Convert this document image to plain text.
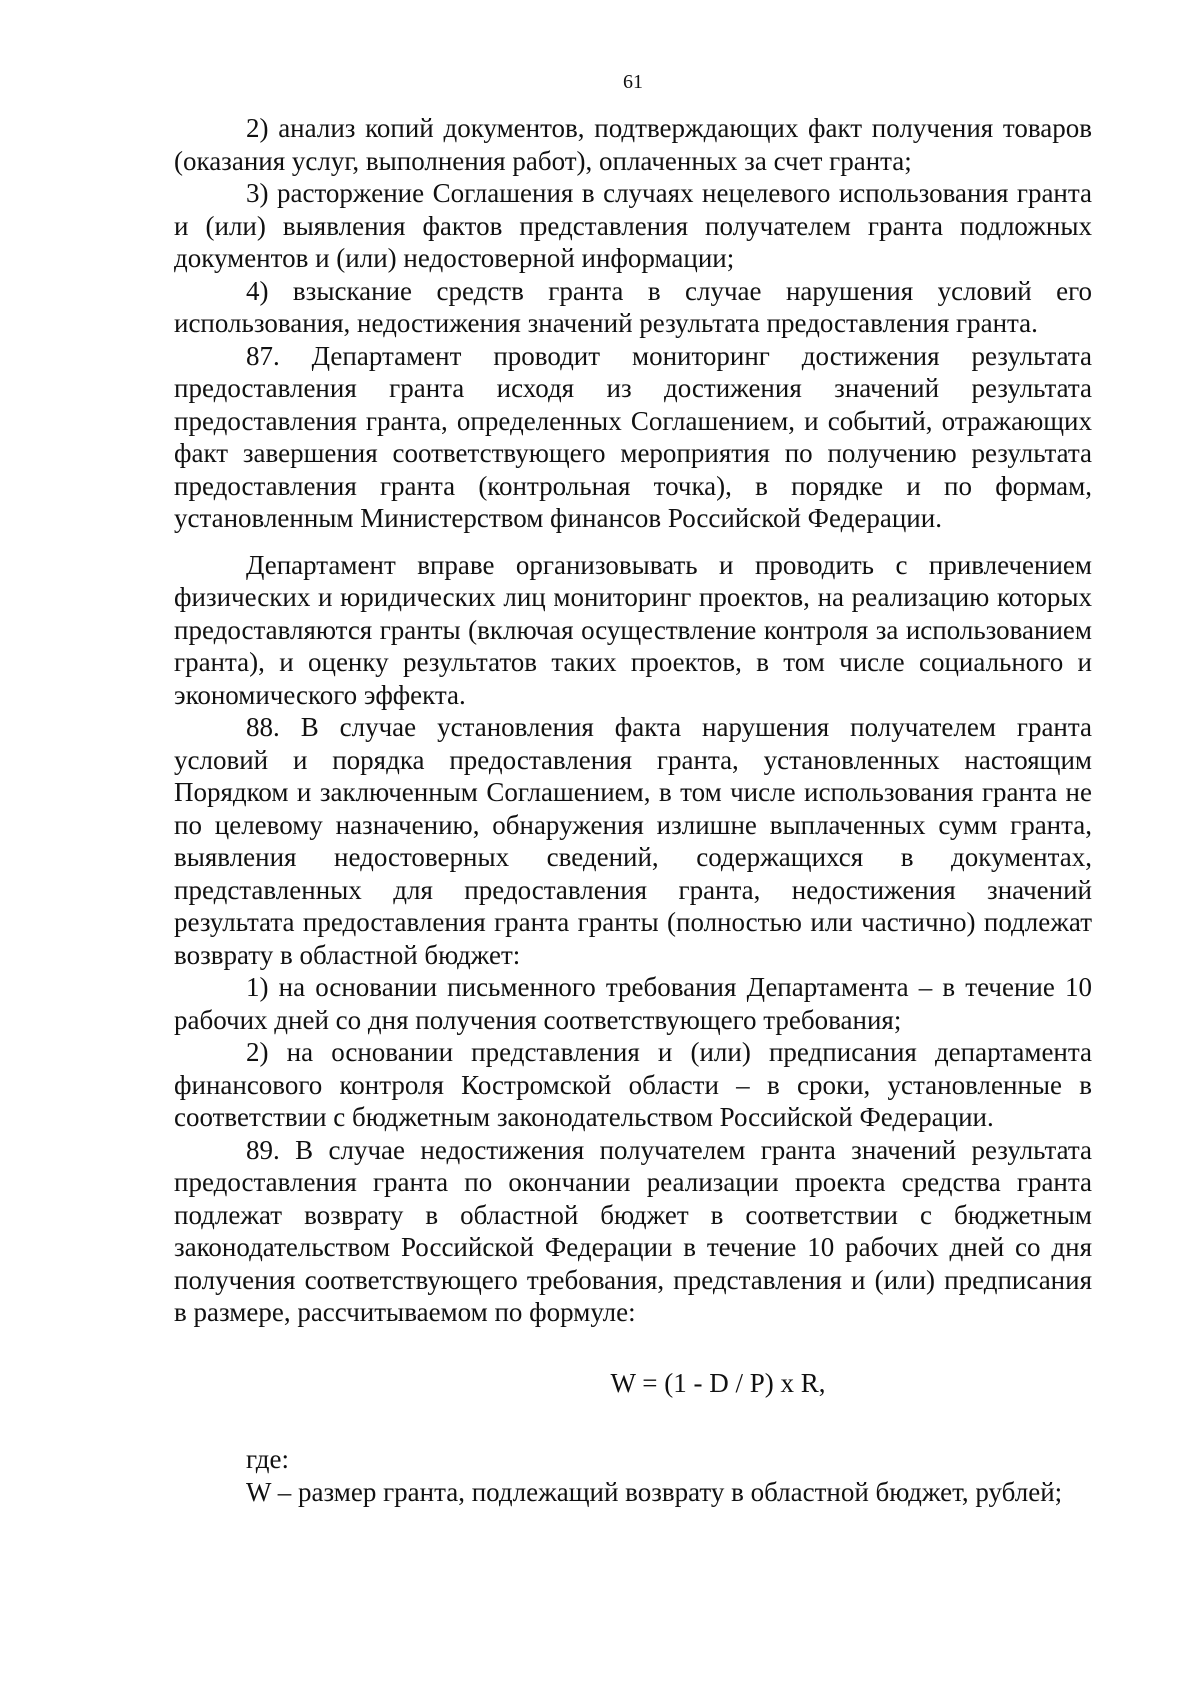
61

2) анализ копий документов, подтверждающих факт получения товаров (оказания услуг, выполнения работ), оплаченных за счет гранта;

3) расторжение Соглашения в случаях нецелевого использования гранта и (или) выявления фактов представления получателем гранта подложных документов и (или) недостоверной информации;

4) взыскание средств гранта в случае нарушения условий его использования, недостижения значений результата предоставления гранта.

87. Департамент проводит мониторинг достижения результата предоставления гранта исходя из достижения значений результата предоставления гранта, определенных Соглашением, и событий, отражающих факт завершения соответствующего мероприятия по получению результата предоставления гранта (контрольная точка), в порядке и по формам, установленным Министерством финансов Российской Федерации.

Департамент вправе организовывать и проводить с привлечением физических и юридических лиц мониторинг проектов, на реализацию которых предоставляются гранты (включая осуществление контроля за использованием гранта), и оценку результатов таких проектов, в том числе социального и экономического эффекта.

88. В случае установления факта нарушения получателем гранта условий и порядка предоставления гранта, установленных настоящим Порядком и заключенным Соглашением, в том числе использования гранта не по целевому назначению, обнаружения излишне выплаченных сумм гранта, выявления недостоверных сведений, содержащихся в документах, представленных для предоставления гранта, недостижения значений результата предоставления гранта гранты (полностью или частично) подлежат возврату в областной бюджет:

1) на основании письменного требования Департамента – в течение 10 рабочих дней со дня получения соответствующего требования;

2) на основании представления и (или) предписания департамента финансового контроля Костромской области – в сроки, установленные в соответствии с бюджетным законодательством Российской Федерации.

89. В случае недостижения получателем гранта значений результата предоставления гранта по окончании реализации проекта средства гранта подлежат возврату в областной бюджет в соответствии с бюджетным законодательством Российской Федерации в течение 10 рабочих дней со дня получения соответствующего требования, представления и (или) предписания в размере, рассчитываемом по формуле:

W = (1 - D / P) x R,

где:

W – размер гранта, подлежащий возврату в областной бюджет, рублей;
